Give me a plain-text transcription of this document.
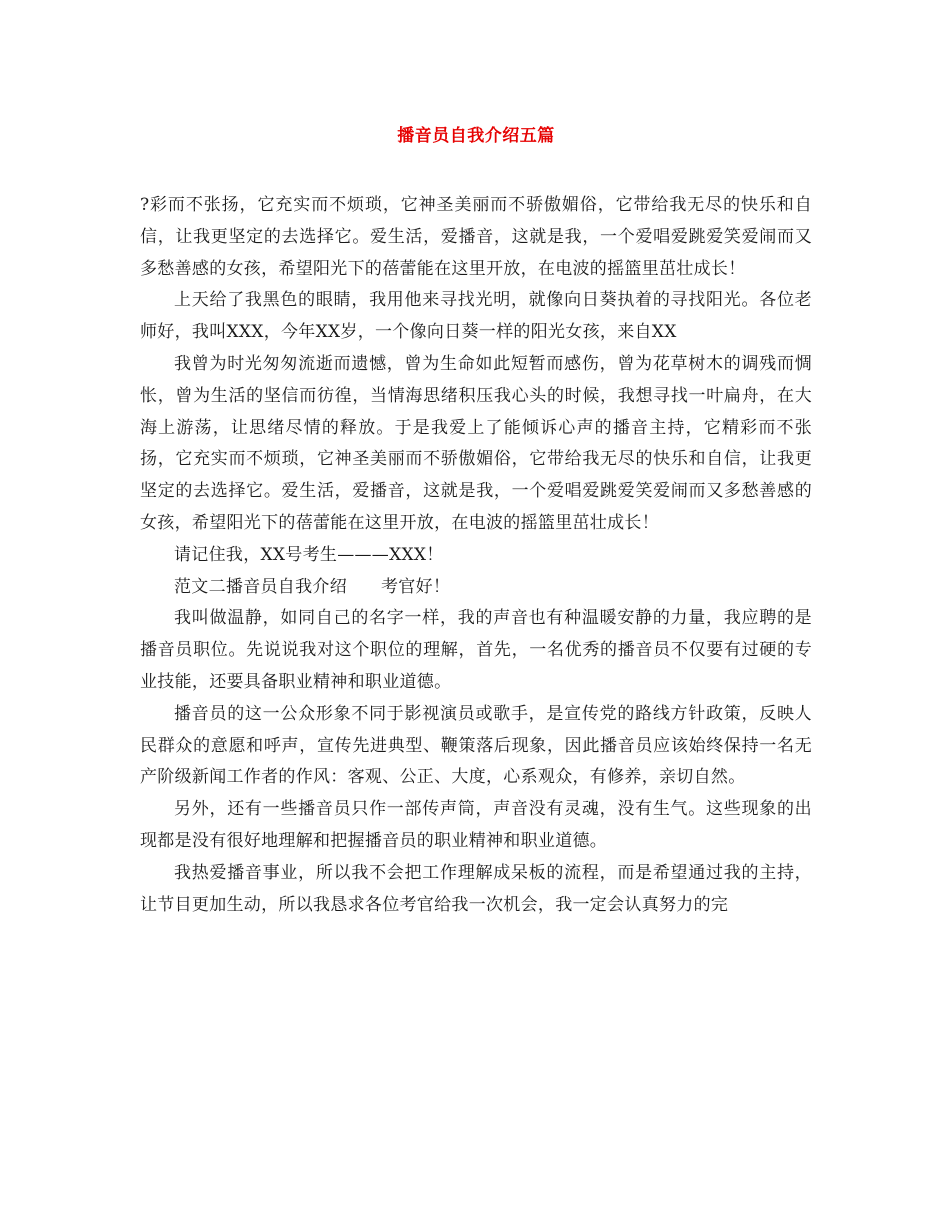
播音员自我介绍五篇

?彩而不张扬，它充实而不烦琐，它神圣美丽而不骄傲媚俗，它带给我无尽的快乐和自信，让我更坚定的去选择它。爱生活，爱播音，这就是我，一个爱唱爱跳爱笑爱闹而又多愁善感的女孩，希望阳光下的蓓蕾能在这里开放，在电波的摇篮里茁壮成长！

上天给了我黑色的眼睛，我用他来寻找光明，就像向日葵执着的寻找阳光。各位老师好，我叫XXX，今年XX岁，一个像向日葵一样的阳光女孩，来自XX

我曾为时光匆匆流逝而遗憾，曾为生命如此短暂而感伤，曾为花草树木的调残而惆怅，曾为生活的坚信而彷徨，当情海思绪积压我心头的时候，我想寻找一叶扁舟，在大海上游荡，让思绪尽情的释放。于是我爱上了能倾诉心声的播音主持，它精彩而不张扬，它充实而不烦琐，它神圣美丽而不骄傲媚俗，它带给我无尽的快乐和自信，让我更坚定的去选择它。爱生活，爱播音，这就是我，一个爱唱爱跳爱笑爱闹而又多愁善感的女孩，希望阳光下的蓓蕾能在这里开放，在电波的摇篮里茁壮成长！

请记住我，XX号考生———XXX！

范文二播音员自我介绍 考官好！

我叫做温静，如同自己的名字一样，我的声音也有种温暖安静的力量，我应聘的是播音员职位。先说说我对这个职位的理解，首先，一名优秀的播音员不仅要有过硬的专业技能，还要具备职业精神和职业道德。

播音员的这一公众形象不同于影视演员或歌手，是宣传党的路线方针政策，反映人民群众的意愿和呼声，宣传先进典型、鞭策落后现象，因此播音员应该始终保持一名无产阶级新闻工作者的作风：客观、公正、大度，心系观众，有修养，亲切自然。

另外，还有一些播音员只作一部传声筒，声音没有灵魂，没有生气。这些现象的出现都是没有很好地理解和把握播音员的职业精神和职业道德。

我热爱播音事业，所以我不会把工作理解成呆板的流程，而是希望通过我的主持，让节目更加生动，所以我恳求各位考官给我一次机会，我一定会认真努力的完
